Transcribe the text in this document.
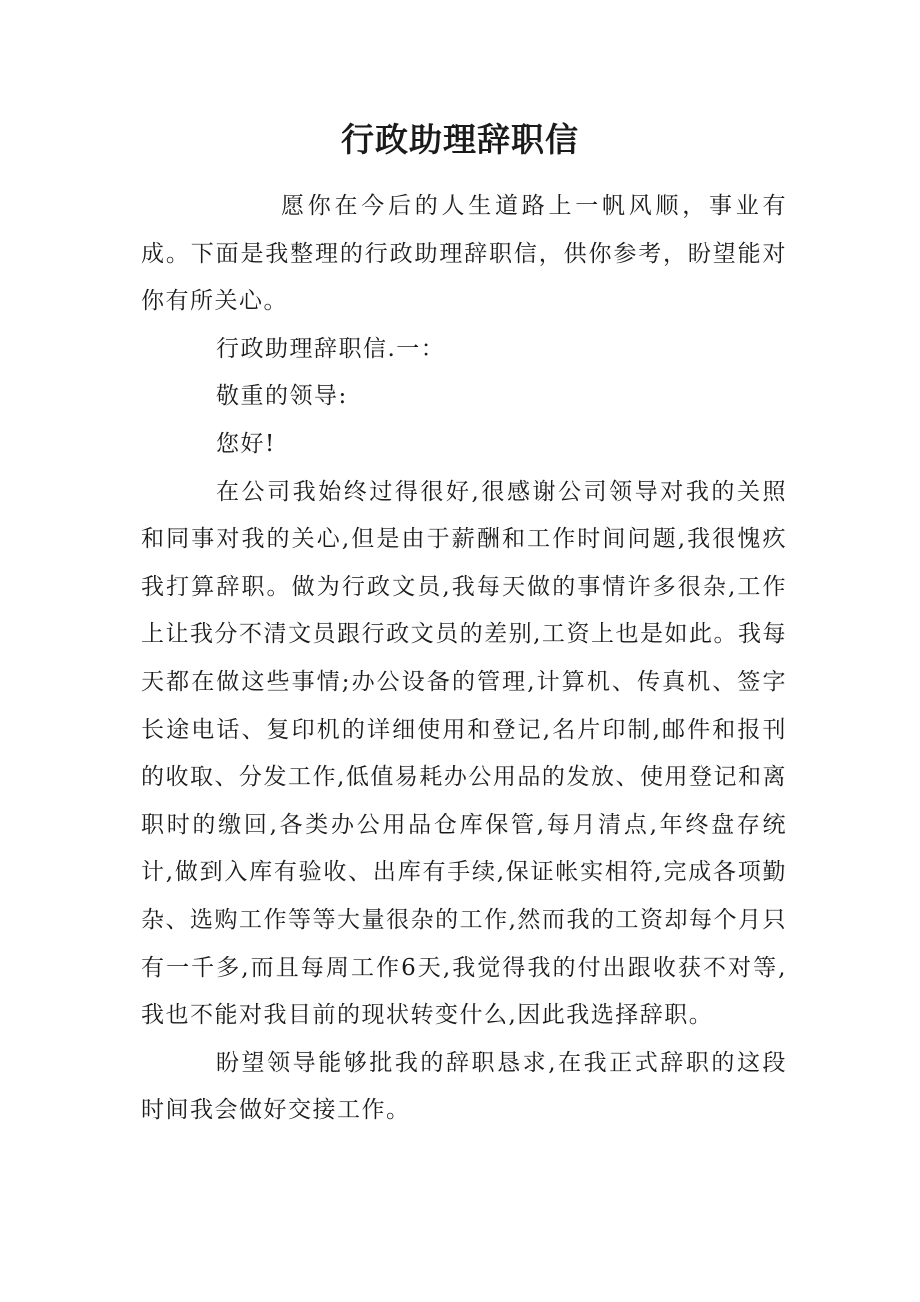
行政助理辞职信

愿你在今后的人生道路上一帆风顺，事业有成。下面是我整理的行政助理辞职信，供你参考，盼望能对你有所关心。

行政助理辞职信.一：

敬重的领导:

您好!

在公司我始终过得很好,很感谢公司领导对我的关照和同事对我的关心,但是由于薪酬和工作时间问题,我很愧疚我打算辞职。做为行政文员,我每天做的事情许多很杂,工作上让我分不清文员跟行政文员的差别,工资上也是如此。我每天都在做这些事情;办公设备的管理,计算机、传真机、签字长途电话、复印机的详细使用和登记,名片印制,邮件和报刊的收取、分发工作,低值易耗办公用品的发放、使用登记和离职时的缴回,各类办公用品仓库保管,每月清点,年终盘存统计,做到入库有验收、出库有手续,保证帐实相符,完成各项勤杂、选购工作等等大量很杂的工作,然而我的工资却每个月只有一千多,而且每周工作6天,我觉得我的付出跟收获不对等,我也不能对我目前的现状转变什么,因此我选择辞职。

盼望领导能够批我的辞职恳求,在我正式辞职的这段时间我会做好交接工作。
